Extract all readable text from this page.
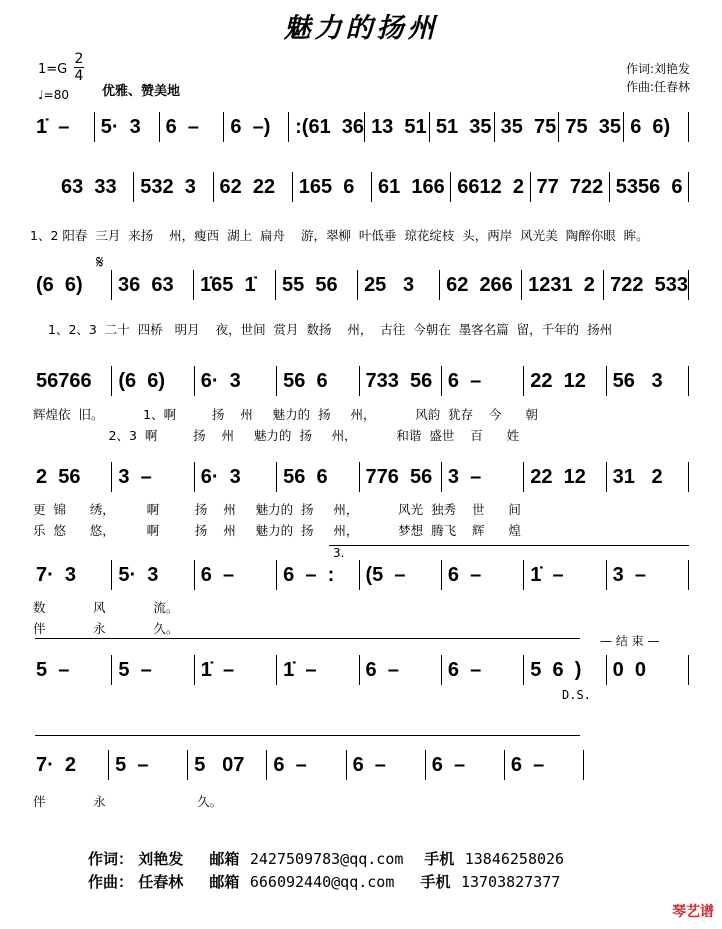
魅力的扬州
1=G
2
4
♩=80	优雅、赞美地
作词:刘艳发
作曲:任春林
1̇  –	5·  3	6  –	6  –)	:(61  36 13  51 51  35 35  75 75  35 6  6)
63  33	532  3	62  22	165  6	61  166 6612  2 77  722 5356  6
1、2 阳春  三月  来扬    州，瘦西  湖上  扁舟    游，翠柳  叶低垂  琼花绽枝  头，两岸  风光美  陶醉你眼  眸。
𝄋
(6  6)	36  63	1̇65  1̇	55  56	25   3	62  266 1231  2 722  533
1、2、3  二十  四桥   明月    夜，世间  赏月  数扬    州，  古往  今朝在  墨客名篇  留，千年的  扬州
56766	(6  6)	6·  3	56  6	733  56 6  –	22  12	56   3
辉煌依  旧。          1、啊         扬    州     魅力的  扬     州，          风韵  犹存    今      朝
2、3  啊         扬    州     魅力的  扬     州，          和谐  盛世    百      姓
2  56	3  –	6·  3	56  6	776  56 3  –	22  12	31   2
更  锦      绣，        啊         扬    州     魅力的  扬     州，          风光  独秀    世      间
乐  悠      悠，        啊         扬    州     魅力的  扬     州，          梦想  腾飞    辉      煌
3.
7·  3	5·  3	6  –	6  –  :	(5  –	6  –	1̇  –	3  –
数            风            流。
伴            永            久。
— 结 束 —
5  –	5  –	1̇  –	1̇  –	6  –	6  –	5  6  )	0  0
D.S.
7·  2	5  –	5   07	6  –	6  –	6  –	6  –
伴            永                       久。
作词： 刘艳发 邮箱 2427509783@qq.com 手机 13846258026
作曲： 任春林 邮箱 666092440@qq.com 手机 13703827377
琴艺谱
